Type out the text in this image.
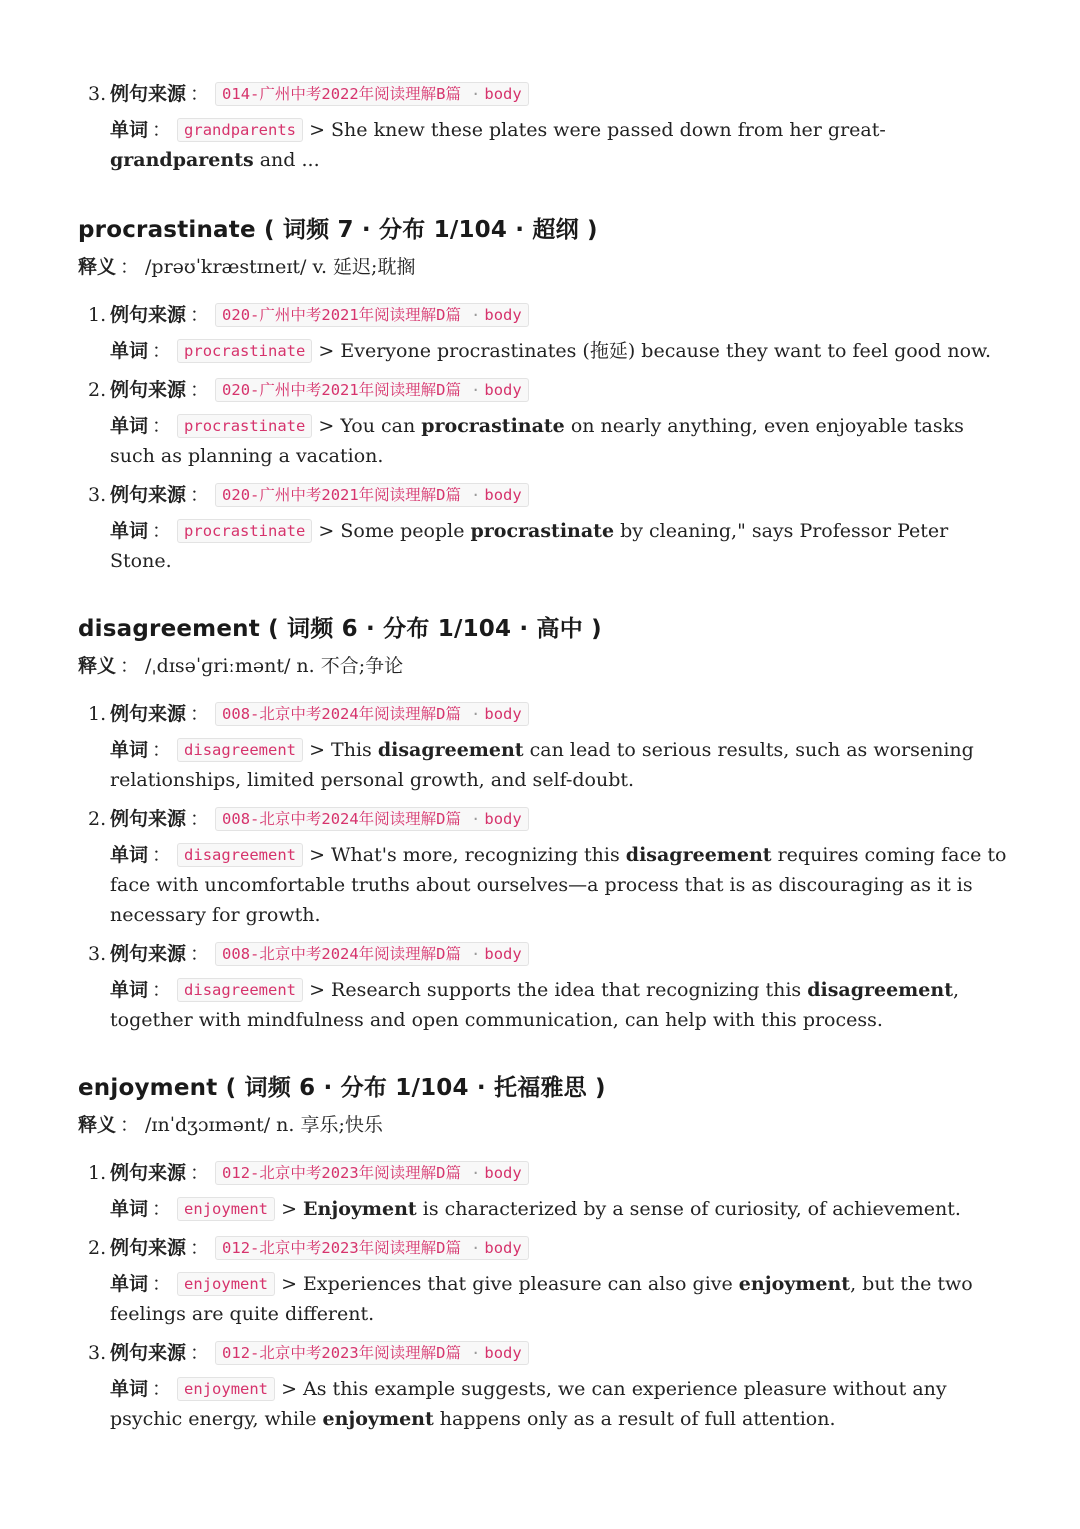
3. 例句来源 ： 014-广州中考2022年阅读理解B篇 · body
单词 ： grandparents > She knew these plates were passed down from her great-grandparents and ...
procrastinate ( 词频 7 · 分布 1/104 · 超纲 )
释义 ： /prəʊˈkræstɪneɪt/ v. 延迟;耽搁
1. 例句来源 ： 020-广州中考2021年阅读理解D篇 · body
单词 ： procrastinate > Everyone procrastinates (拖延) because they want to feel good now.
2. 例句来源 ： 020-广州中考2021年阅读理解D篇 · body
单词 ： procrastinate > You can procrastinate on nearly anything, even enjoyable tasks such as planning a vacation.
3. 例句来源 ： 020-广州中考2021年阅读理解D篇 · body
单词 ： procrastinate > Some people procrastinate by cleaning," says Professor Peter Stone.
disagreement ( 词频 6 · 分布 1/104 · 高中 )
释义 ： /ˌdɪsəˈɡriːmənt/ n. 不合;争论
1. 例句来源 ： 008-北京中考2024年阅读理解D篇 · body
单词 ： disagreement > This disagreement can lead to serious results, such as worsening relationships, limited personal growth, and self-doubt.
2. 例句来源 ： 008-北京中考2024年阅读理解D篇 · body
单词 ： disagreement > What's more, recognizing this disagreement requires coming face to face with uncomfortable truths about ourselves—a process that is as discouraging as it is necessary for growth.
3. 例句来源 ： 008-北京中考2024年阅读理解D篇 · body
单词 ： disagreement > Research supports the idea that recognizing this disagreement, together with mindfulness and open communication, can help with this process.
enjoyment ( 词频 6 · 分布 1/104 · 托福雅思 )
释义 ： /ɪnˈdʒɔɪmənt/ n. 享乐;快乐
1. 例句来源 ： 012-北京中考2023年阅读理解D篇 · body
单词 ： enjoyment > Enjoyment is characterized by a sense of curiosity, of achievement.
2. 例句来源 ： 012-北京中考2023年阅读理解D篇 · body
单词 ： enjoyment > Experiences that give pleasure can also give enjoyment, but the two feelings are quite different.
3. 例句来源 ： 012-北京中考2023年阅读理解D篇 · body
单词 ： enjoyment > As this example suggests, we can experience pleasure without any psychic energy, while enjoyment happens only as a result of full attention.
